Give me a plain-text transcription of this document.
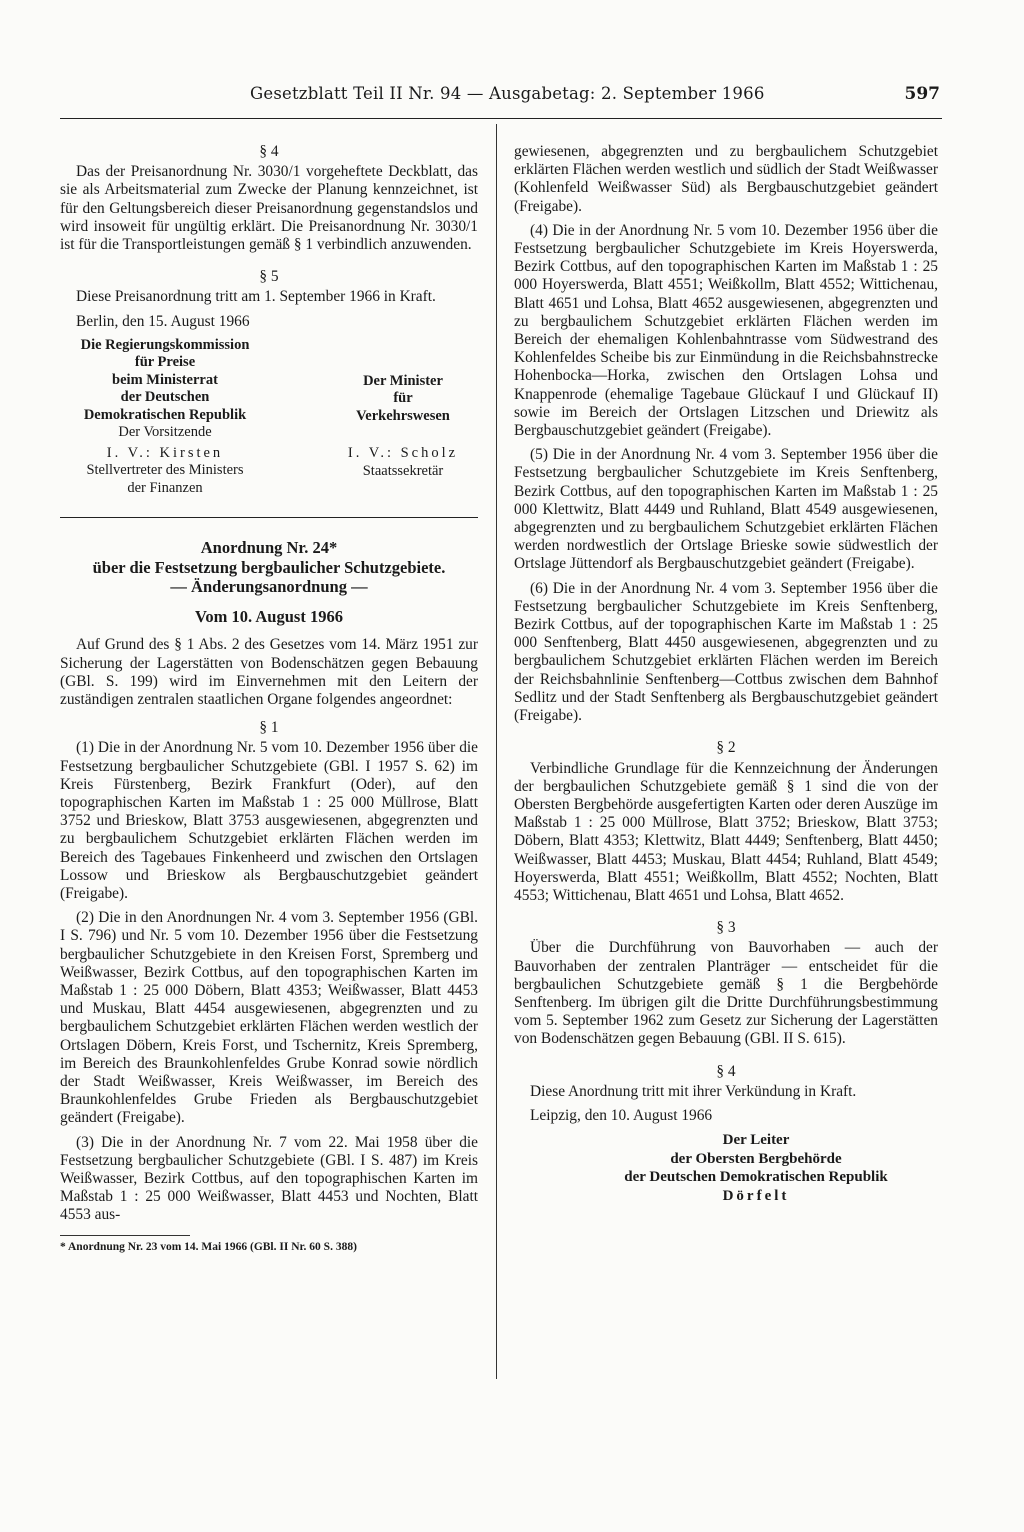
Gesetzblatt Teil II Nr. 94 — Ausgabetag: 2. September 1966	597
§ 4

Das der Preisanordnung Nr. 3030/1 vorgeheftete Deckblatt, das sie als Arbeitsmaterial zum Zwecke der Planung kennzeichnet, ist für den Geltungsbereich dieser Preisanordnung gegenstandslos und wird insoweit für ungültig erklärt. Die Preisanordnung Nr. 3030/1 ist für die Transportleistungen gemäß § 1 verbindlich anzuwenden.

§ 5

Diese Preisanordnung tritt am 1. September 1966 in Kraft.

Berlin, den 15. August 1966

Die Regierungskommission
für Preise
beim Ministerrat
der Deutschen
Demokratischen Republik
Der Vorsitzende
I. V.: Kirsten
Stellvertreter des Ministers
der Finanzen
Der Minister
für
Verkehrswesen
I. V.: Scholz
Staatssekretär
Anordnung Nr. 24*
über die Festsetzung bergbaulicher Schutzgebiete.
— Änderungsanordnung —
Vom 10. August 1966

Auf Grund des § 1 Abs. 2 des Gesetzes vom 14. März 1951 zur Sicherung der Lagerstätten von Bodenschätzen gegen Bebauung (GBl. S. 199) wird im Einvernehmen mit den Leitern der zuständigen zentralen staatlichen Organe folgendes angeordnet:

§ 1

(1) Die in der Anordnung Nr. 5 vom 10. Dezember 1956 über die Festsetzung bergbaulicher Schutzgebiete (GBl. I 1957 S. 62) im Kreis Fürstenberg, Bezirk Frankfurt (Oder), auf den topographischen Karten im Maßstab 1 : 25 000 Müllrose, Blatt 3752 und Brieskow, Blatt 3753 ausgewiesenen, abgegrenzten und zu bergbaulichem Schutzgebiet erklärten Flächen werden im Bereich des Tagebaues Finkenheerd und zwischen den Ortslagen Lossow und Brieskow als Bergbauschutzgebiet geändert (Freigabe).

(2) Die in den Anordnungen Nr. 4 vom 3. September 1956 (GBl. I S. 796) und Nr. 5 vom 10. Dezember 1956 über die Festsetzung bergbaulicher Schutzgebiete in den Kreisen Forst, Spremberg und Weißwasser, Bezirk Cottbus, auf den topographischen Karten im Maßstab 1 : 25 000 Döbern, Blatt 4353; Weißwasser, Blatt 4453 und Muskau, Blatt 4454 ausgewiesenen, abgegrenzten und zu bergbaulichem Schutzgebiet erklärten Flächen werden westlich der Ortslagen Döbern, Kreis Forst, und Tschernitz, Kreis Spremberg, im Bereich des Braunkohlenfeldes Grube Konrad sowie nördlich der Stadt Weißwasser, Kreis Weißwasser, im Bereich des Braunkohlenfeldes Grube Frieden als Bergbauschutzgebiet geändert (Freigabe).

(3) Die in der Anordnung Nr. 7 vom 22. Mai 1958 über die Festsetzung bergbaulicher Schutzgebiete (GBl. I S. 487) im Kreis Weißwasser, Bezirk Cottbus, auf den topographischen Karten im Maßstab 1 : 25 000 Weißwasser, Blatt 4453 und Nochten, Blatt 4553 aus-

* Anordnung Nr. 23 vom 14. Mai 1966 (GBl. II Nr. 60 S. 388)

gewiesenen, abgegrenzten und zu bergbaulichem Schutzgebiet erklärten Flächen werden westlich und südlich der Stadt Weißwasser (Kohlenfeld Weißwasser Süd) als Bergbauschutzgebiet geändert (Freigabe).

(4) Die in der Anordnung Nr. 5 vom 10. Dezember 1956 über die Festsetzung bergbaulicher Schutzgebiete im Kreis Hoyerswerda, Bezirk Cottbus, auf den topographischen Karten im Maßstab 1 : 25 000 Hoyerswerda, Blatt 4551; Weißkollm, Blatt 4552; Wittichenau, Blatt 4651 und Lohsa, Blatt 4652 ausgewiesenen, abgegrenzten und zu bergbaulichem Schutzgebiet erklärten Flächen werden im Bereich der ehemaligen Kohlenbahntrasse vom Südwestrand des Kohlenfeldes Scheibe bis zur Einmündung in die Reichsbahnstrecke Hohenbocka—Horka, zwischen den Ortslagen Lohsa und Knappenrode (ehemalige Tagebaue Glückauf I und Glückauf II) sowie im Bereich der Ortslagen Litzschen und Driewitz als Bergbauschutzgebiet geändert (Freigabe).

(5) Die in der Anordnung Nr. 4 vom 3. September 1956 über die Festsetzung bergbaulicher Schutzgebiete im Kreis Senftenberg, Bezirk Cottbus, auf den topographischen Karten im Maßstab 1 : 25 000 Klettwitz, Blatt 4449 und Ruhland, Blatt 4549 ausgewiesenen, abgegrenzten und zu bergbaulichem Schutzgebiet erklärten Flächen werden nordwestlich der Ortslage Brieske sowie südwestlich der Ortslage Jüttendorf als Bergbauschutzgebiet geändert (Freigabe).

(6) Die in der Anordnung Nr. 4 vom 3. September 1956 über die Festsetzung bergbaulicher Schutzgebiete im Kreis Senftenberg, Bezirk Cottbus, auf der topographischen Karte im Maßstab 1 : 25 000 Senftenberg, Blatt 4450 ausgewiesenen, abgegrenzten und zu bergbaulichem Schutzgebiet erklärten Flächen werden im Bereich der Reichsbahnlinie Senftenberg—Cottbus zwischen dem Bahnhof Sedlitz und der Stadt Senftenberg als Bergbauschutzgebiet geändert (Freigabe).

§ 2

Verbindliche Grundlage für die Kennzeichnung der Änderungen der bergbaulichen Schutzgebiete gemäß § 1 sind die von der Obersten Bergbehörde ausgefertigten Karten oder deren Auszüge im Maßstab 1 : 25 000 Müllrose, Blatt 3752; Brieskow, Blatt 3753; Döbern, Blatt 4353; Klettwitz, Blatt 4449; Senftenberg, Blatt 4450; Weißwasser, Blatt 4453; Muskau, Blatt 4454; Ruhland, Blatt 4549; Hoyerswerda, Blatt 4551; Weißkollm, Blatt 4552; Nochten, Blatt 4553; Wittichenau, Blatt 4651 und Lohsa, Blatt 4652.

§ 3

Über die Durchführung von Bauvorhaben — auch der Bauvorhaben der zentralen Planträger — entscheidet für die bergbaulichen Schutzgebiete gemäß § 1 die Bergbehörde Senftenberg. Im übrigen gilt die Dritte Durchführungsbestimmung vom 5. September 1962 zum Gesetz zur Sicherung der Lagerstätten von Bodenschätzen gegen Bebauung (GBl. II S. 615).

§ 4

Diese Anordnung tritt mit ihrer Verkündung in Kraft.

Leipzig, den 10. August 1966

Der Leiter
der Obersten Bergbehörde
der Deutschen Demokratischen Republik
Dörfelt
